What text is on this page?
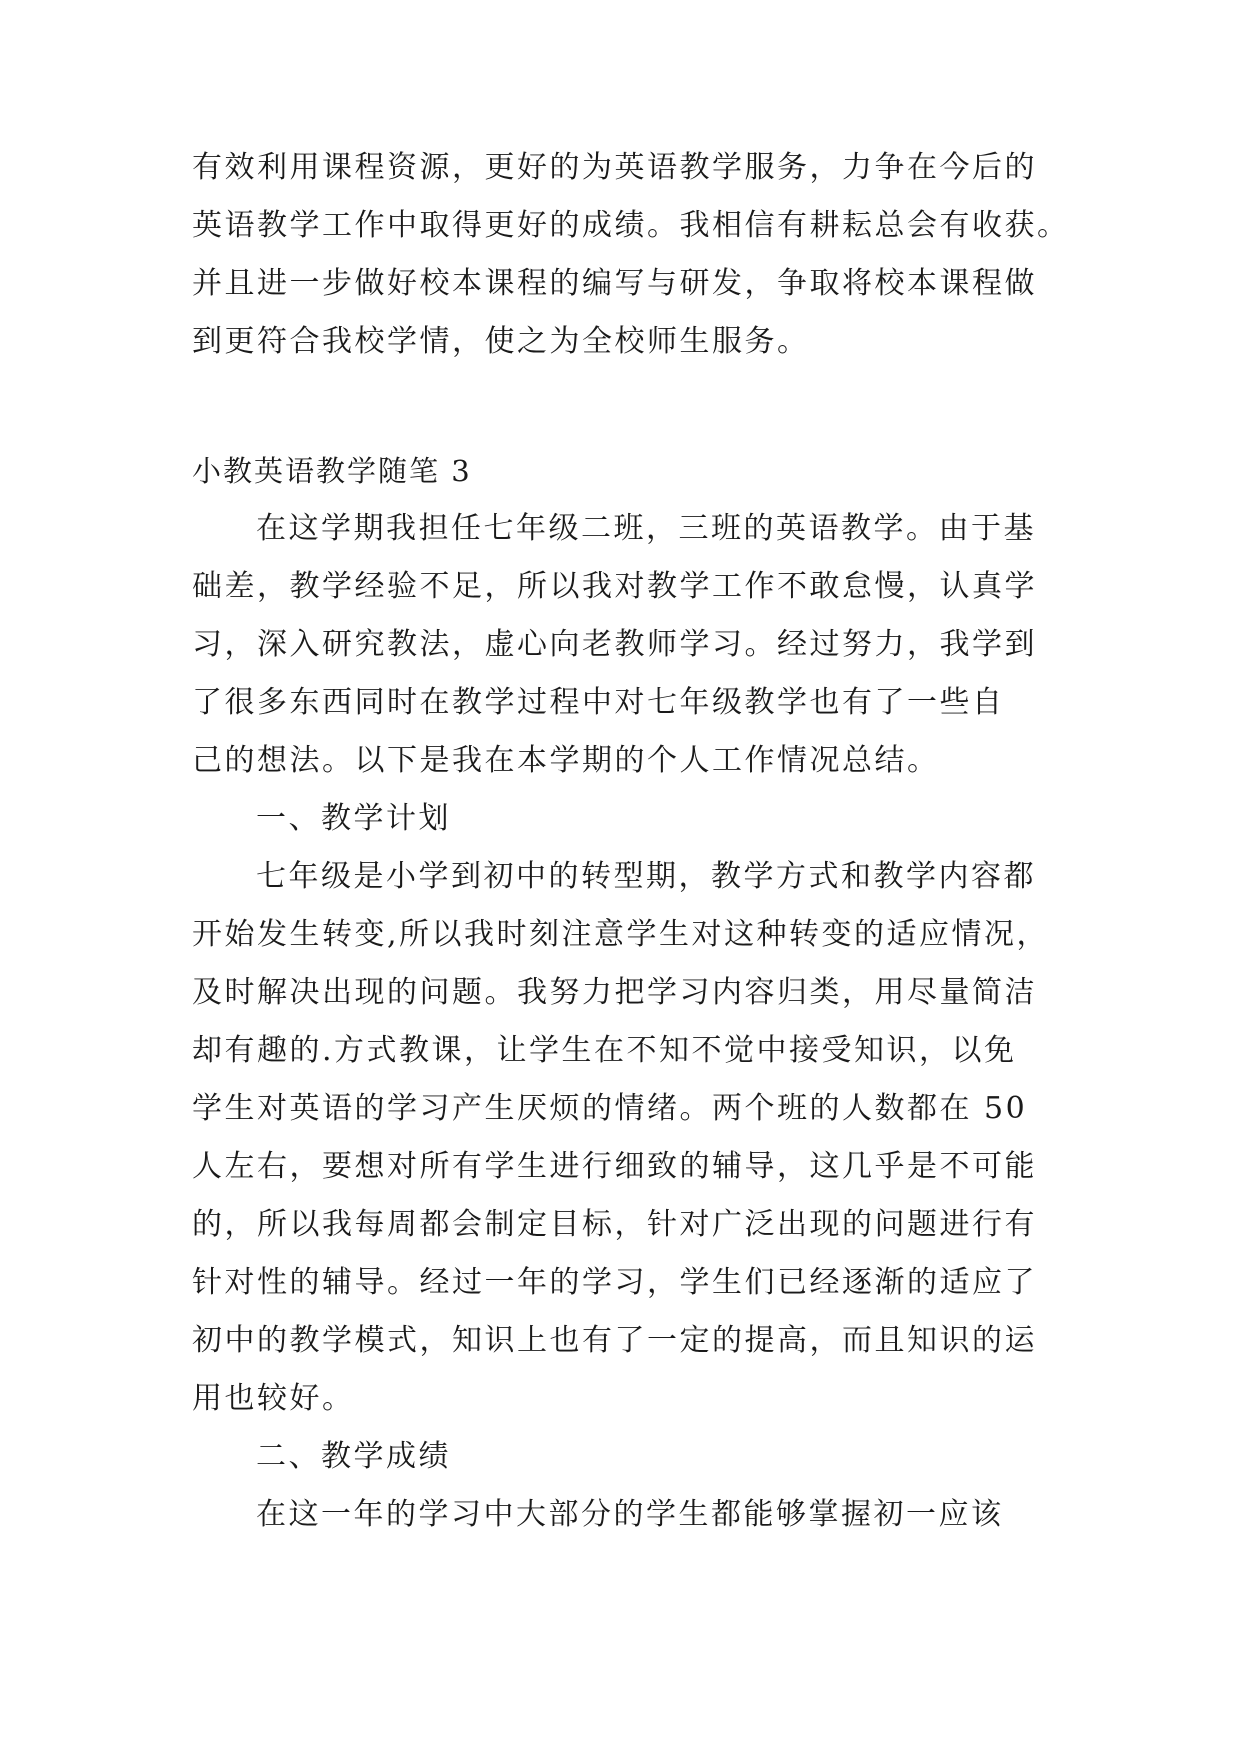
有效利用课程资源，更好的为英语教学服务，力争在今后的
英语教学工作中取得更好的成绩。我相信有耕耘总会有收获。
并且进一步做好校本课程的编写与研发，争取将校本课程做
到更符合我校学情，使之为全校师生服务。
小教英语教学随笔 3
在这学期我担任七年级二班，三班的英语教学。由于基
础差，教学经验不足，所以我对教学工作不敢怠慢，认真学
习，深入研究教法，虚心向老教师学习。经过努力，我学到
了很多东西同时在教学过程中对七年级教学也有了一些自
己的想法。以下是我在本学期的个人工作情况总结。
一、教学计划
七年级是小学到初中的转型期，教学方式和教学内容都
开始发生转变,所以我时刻注意学生对这种转变的适应情况，
及时解决出现的问题。我努力把学习内容归类，用尽量简洁
却有趣的.方式教课，让学生在不知不觉中接受知识，以免
学生对英语的学习产生厌烦的情绪。两个班的人数都在 50
人左右，要想对所有学生进行细致的辅导，这几乎是不可能
的，所以我每周都会制定目标，针对广泛出现的问题进行有
针对性的辅导。经过一年的学习，学生们已经逐渐的适应了
初中的教学模式，知识上也有了一定的提高，而且知识的运
用也较好。
二、教学成绩
在这一年的学习中大部分的学生都能够掌握初一应该
